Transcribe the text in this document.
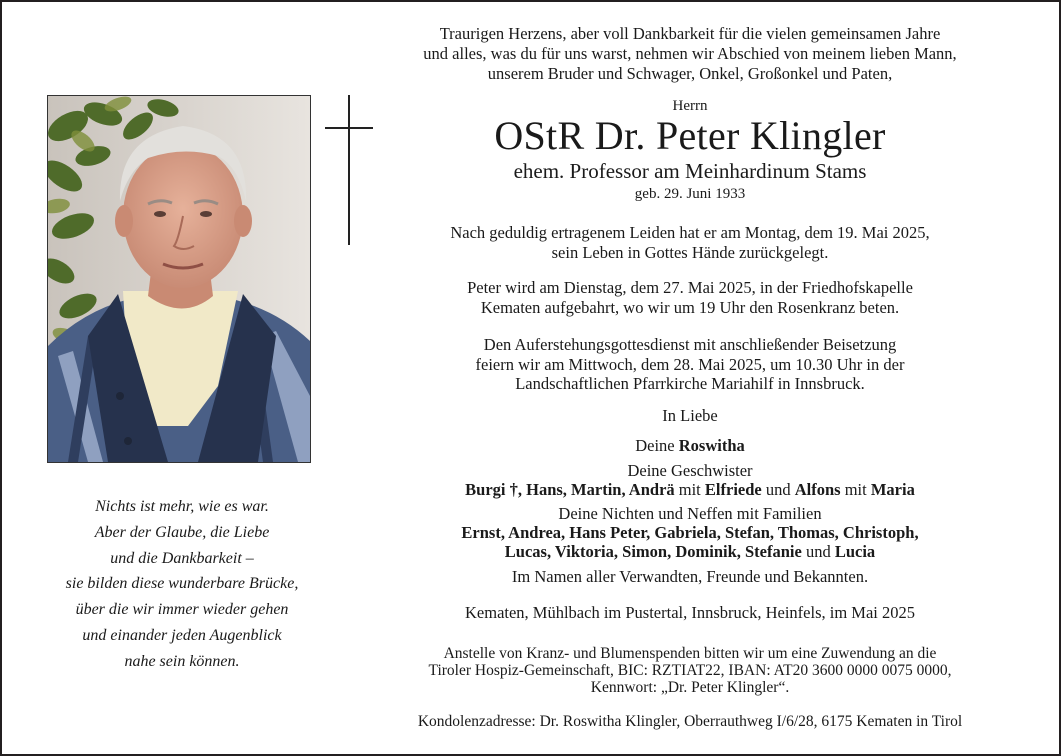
Traurigen Herzens, aber voll Dankbarkeit für die vielen gemeinsamen Jahre
und alles, was du für uns warst, nehmen wir Abschied von meinem lieben Mann,
unserem Bruder und Schwager, Onkel, Großonkel und Paten,
Herrn
OStR Dr. Peter Klingler
ehem. Professor am Meinhardinum Stams
geb. 29. Juni 1933
Nach geduldig ertragenem Leiden hat er am Montag, dem 19. Mai 2025,
sein Leben in Gottes Hände zurückgelegt.
Peter wird am Dienstag, dem 27. Mai 2025, in der Friedhofskapelle
Kematen aufgebahrt, wo wir um 19 Uhr den Rosenkranz beten.
Den Auferstehungsgottesdienst mit anschließender Beisetzung
feiern wir am Mittwoch, dem 28. Mai 2025, um 10.30 Uhr in der
Landschaftlichen Pfarrkirche Mariahilf in Innsbruck.
In Liebe
Deine Roswitha
Deine Geschwister
Burgi †, Hans, Martin, Andrä mit Elfriede und Alfons mit Maria
Deine Nichten und Neffen mit Familien
Ernst, Andrea, Hans Peter, Gabriela, Stefan, Thomas, Christoph,
Lucas, Viktoria, Simon, Dominik, Stefanie und Lucia
Im Namen aller Verwandten, Freunde und Bekannten.
Kematen, Mühlbach im Pustertal, Innsbruck, Heinfels, im Mai 2025
Anstelle von Kranz- und Blumenspenden bitten wir um eine Zuwendung an die
Tiroler Hospiz-Gemeinschaft, BIC: RZTIAT22, IBAN: AT20 3600 0000 0075 0000,
Kennwort: „Dr. Peter Klingler“.
Kondolenzadresse: Dr. Roswitha Klingler, Oberrauthweg I/6/28, 6175 Kematen in Tirol
Nichts ist mehr, wie es war.
Aber der Glaube, die Liebe
und die Dankbarkeit –
sie bilden diese wunderbare Brücke,
über die wir immer wieder gehen
und einander jeden Augenblick
nahe sein können.
